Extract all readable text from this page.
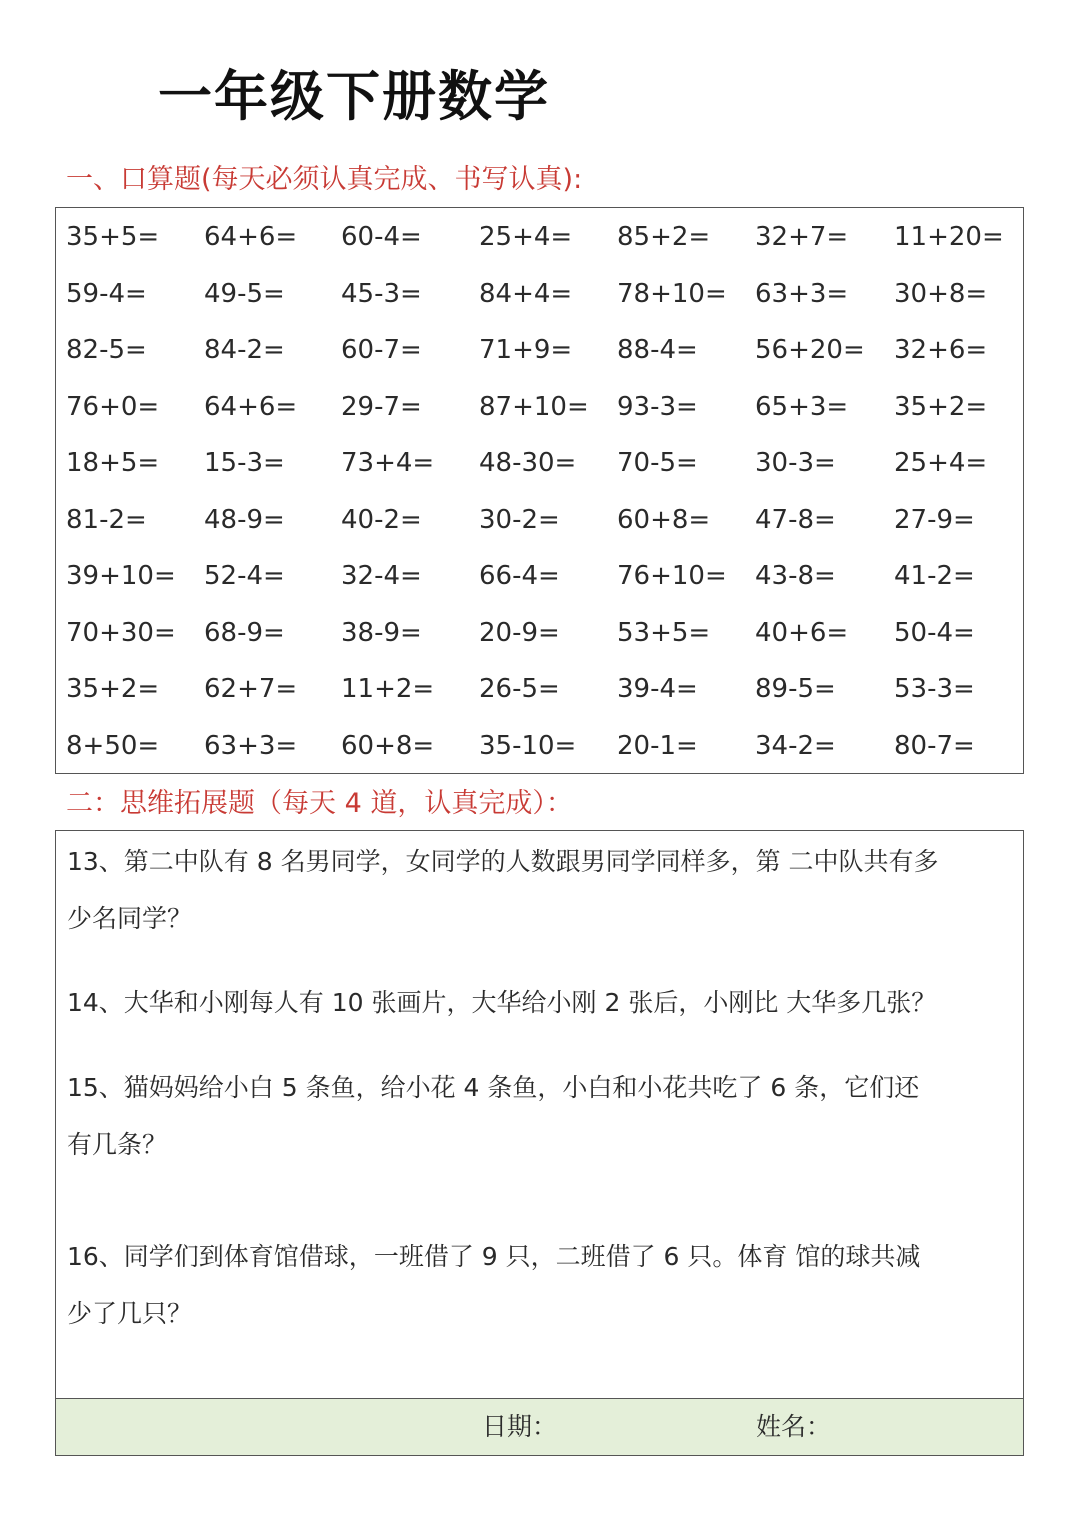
一年级下册数学
一、口算题(每天必须认真完成、书写认真):
35+5= 64+6= 60-4= 25+4= 85+2= 32+7= 11+20=
59-4= 49-5= 45-3= 84+4= 78+10= 63+3= 30+8=
82-5= 84-2= 60-7= 71+9= 88-4= 56+20= 32+6=
76+0= 64+6= 29-7= 87+10= 93-3= 65+3= 35+2=
18+5= 15-3= 73+4= 48-30= 70-5= 30-3= 25+4=
81-2= 48-9= 40-2= 30-2= 60+8= 47-8= 27-9=
39+10= 52-4= 32-4= 66-4= 76+10= 43-8= 41-2=
70+30= 68-9= 38-9= 20-9= 53+5= 40+6= 50-4=
35+2= 62+7= 11+2= 26-5= 39-4= 89-5= 53-3=
8+50= 63+3= 60+8= 35-10= 20-1= 34-2= 80-7=
二：思维拓展题（每天 4 道，认真完成）：
13、第二中队有 8 名男同学，女同学的人数跟男同学同样多，第 二中队共有多
少名同学？
14、大华和小刚每人有 10 张画片，大华给小刚 2 张后，小刚比 大华多几张？
15、猫妈妈给小白 5 条鱼，给小花 4 条鱼，小白和小花共吃了 6 条，它们还
有几条？
16、同学们到体育馆借球，一班借了 9 只，二班借了 6 只。体育 馆的球共减
少了几只？
日期：	姓名：
